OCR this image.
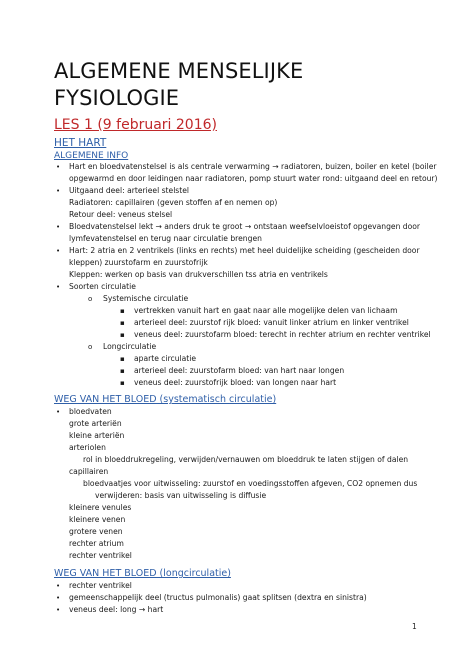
ALGEMENE MENSELIJKE
FYSIOLOGIE
LES 1 (9 februari 2016)
HET HART
ALGEMENE INFO
• Hart en bloedvatenstelsel is als centrale verwarming → radiatoren, buizen, boiler en ketel (boiler
opgewarmd en door leidingen naar radiatoren, pomp stuurt water rond: uitgaand deel en retour)
• Uitgaand deel: arterieel stelstel
Radiatoren: capillairen (geven stoffen af en nemen op)
Retour deel: veneus stelsel
• Bloedvatenstelsel lekt → anders druk te groot → ontstaan weefselvloeistof opgevangen door
lymfevatenstelsel en terug naar circulatie brengen
• Hart: 2 atria en 2 ventrikels (links en rechts) met heel duidelijke scheiding (gescheiden door
kleppen) zuurstofarm en zuurstofrijk
Kleppen: werken op basis van drukverschillen tss atria en ventrikels
• Soorten circulatie
o Systemische circulatie
▪ vertrekken vanuit hart en gaat naar alle mogelijke delen van lichaam
▪ arterieel deel: zuurstof rijk bloed: vanuit linker atrium en linker ventrikel
▪ veneus deel: zuurstofarm bloed: terecht in rechter atrium en rechter ventrikel
o Longcirculatie
▪ aparte circulatie
▪ arterieel deel: zuurstofarm bloed: van hart naar longen
▪ veneus deel: zuurstofrijk bloed: van longen naar hart
WEG VAN HET BLOED (systematisch circulatie)
• bloedvaten
grote arteriën
kleine arteriën
arteriolen
rol in bloeddrukregeling, verwijden/vernauwen om bloeddruk te laten stijgen of dalen
capillairen
bloedvaatjes voor uitwisseling: zuurstof en voedingsstoffen afgeven, CO2 opnemen dus
verwijderen: basis van uitwisseling is diffusie
kleinere venules
kleinere venen
grotere venen
rechter atrium
rechter ventrikel
WEG VAN HET BLOED (longcirculatie)
• rechter ventrikel
• gemeenschappelijk deel (tructus pulmonalis) gaat splitsen (dextra en sinistra)
• veneus deel: long → hart
1
